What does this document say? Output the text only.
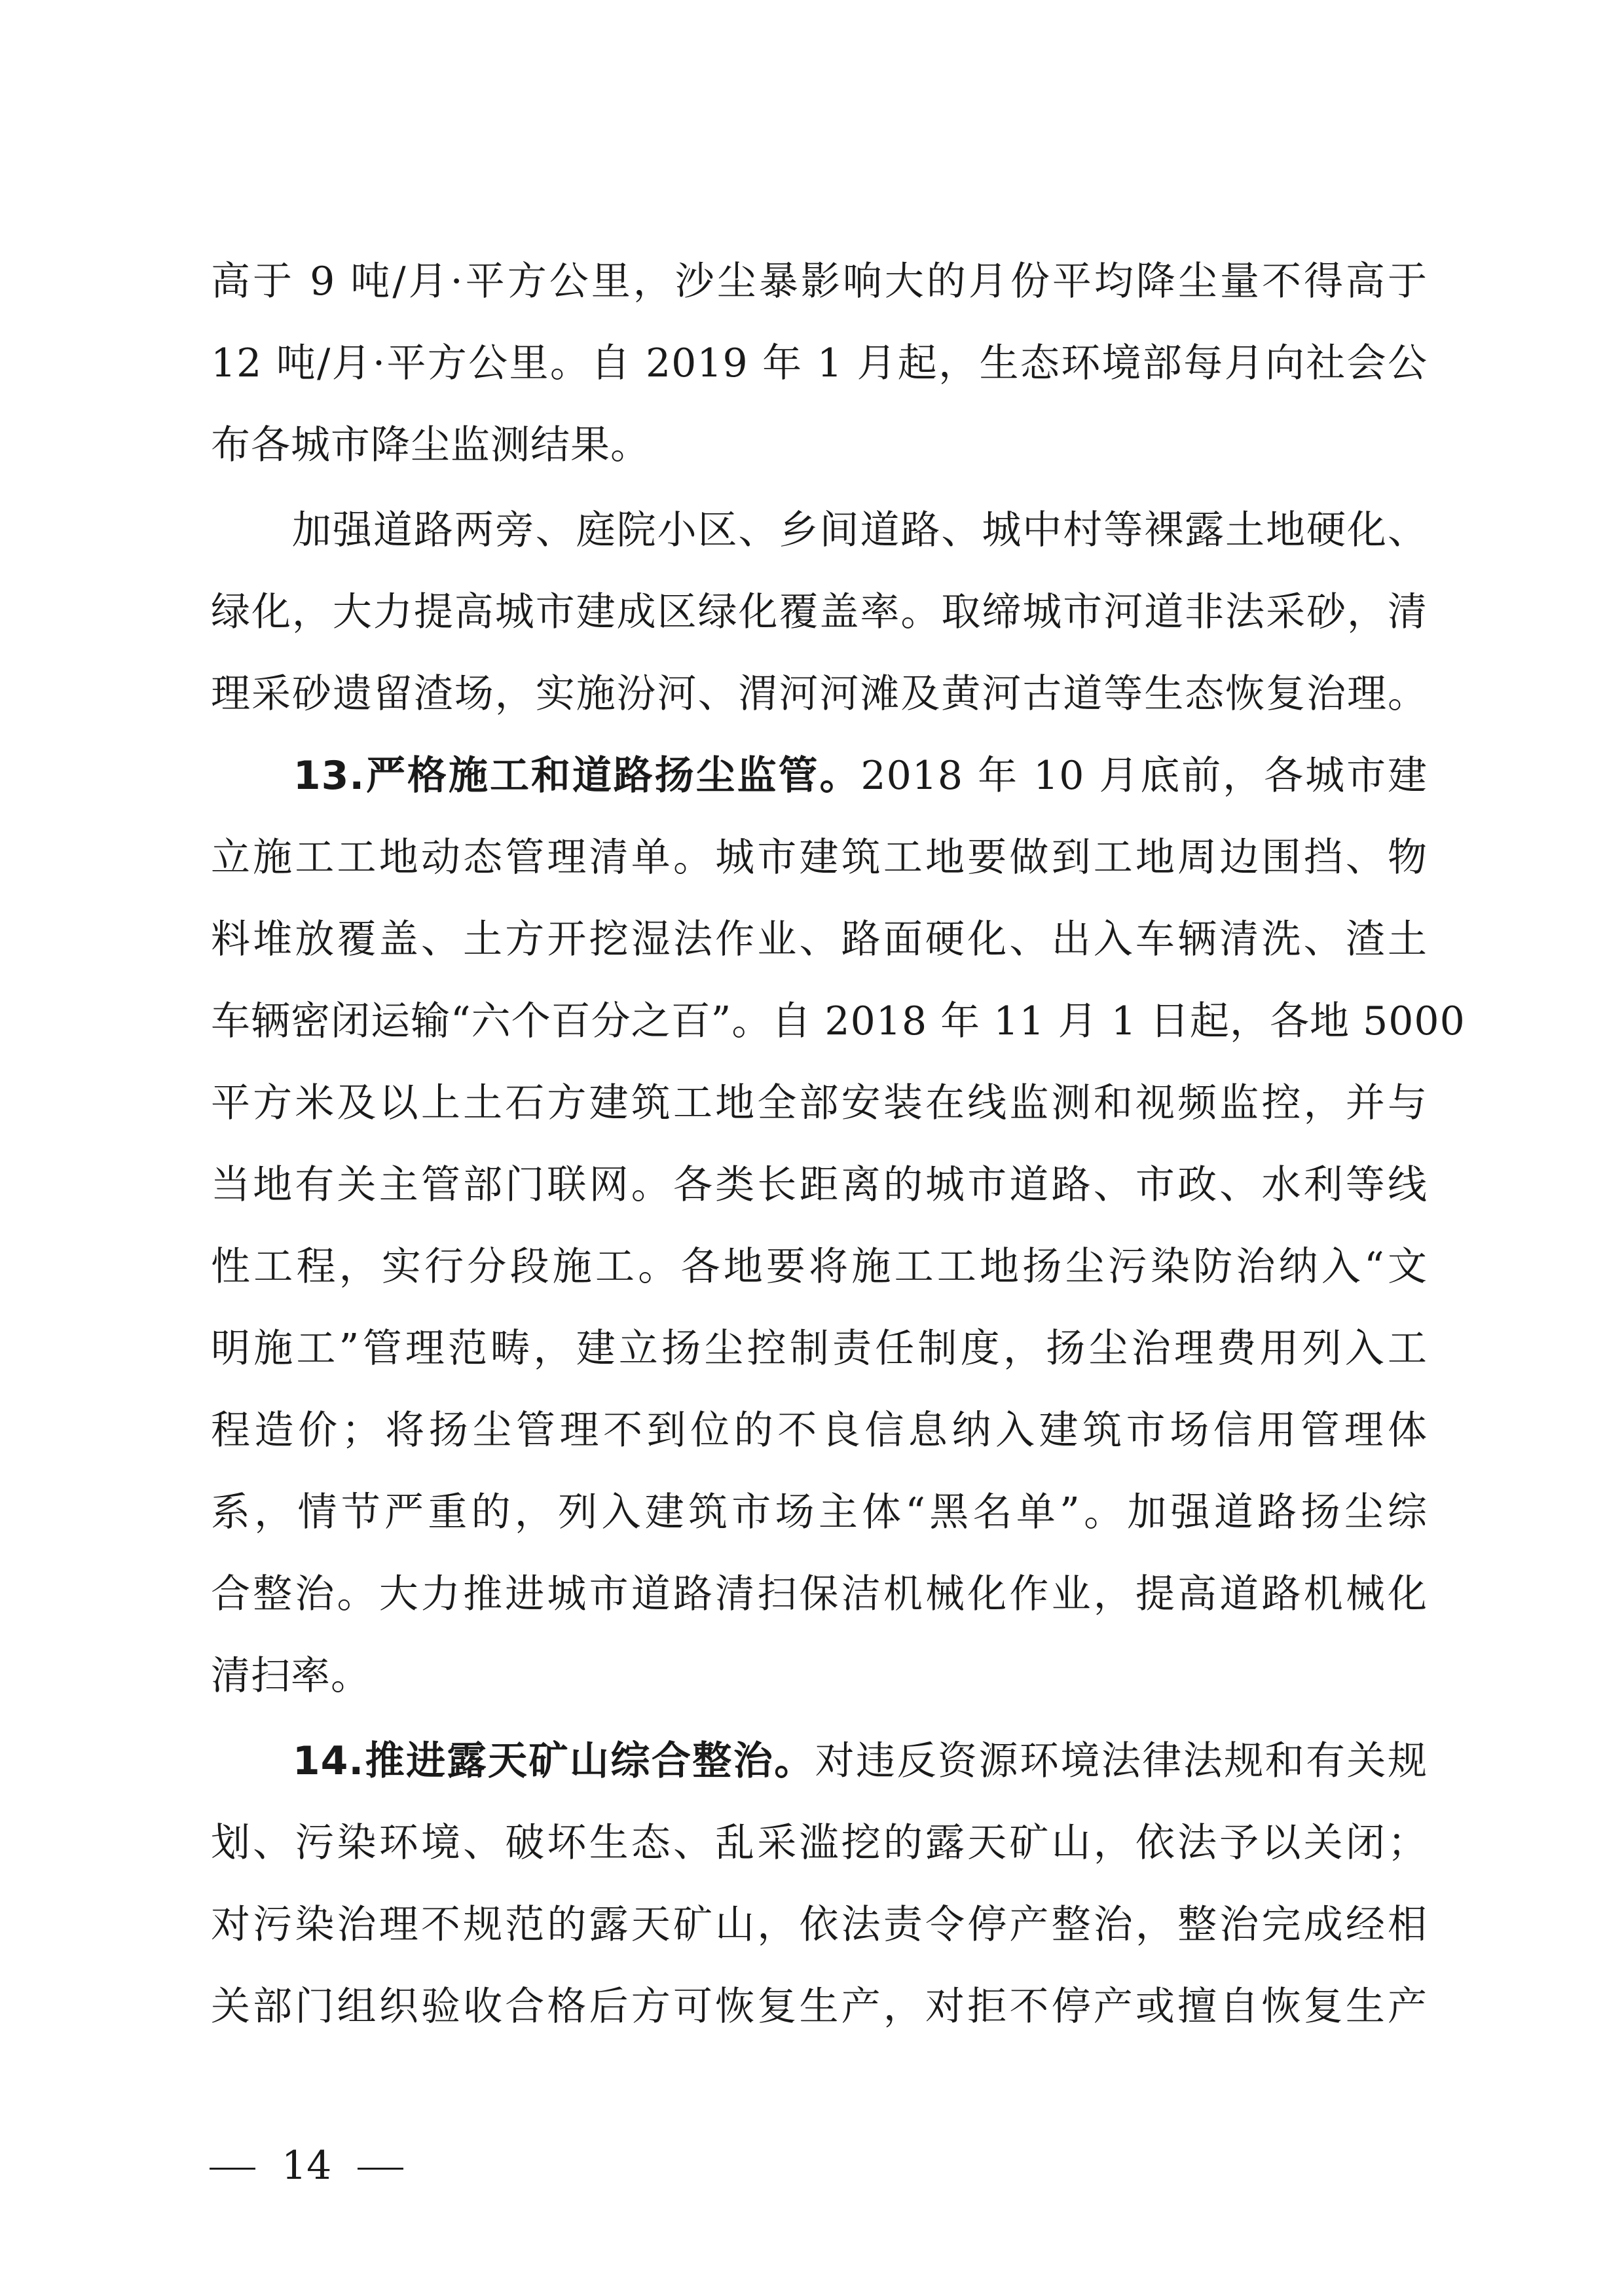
高于 9 吨/月·平方公里，沙尘暴影响大的月份平均降尘量不得高于
12 吨/月·平方公里。自 2019 年 1 月起，生态环境部每月向社会公
布各城市降尘监测结果。
　　加强道路两旁、庭院小区、乡间道路、城中村等裸露土地硬化、
绿化，大力提高城市建成区绿化覆盖率。取缔城市河道非法采砂，清
理采砂遗留渣场，实施汾河、渭河河滩及黄河古道等生态恢复治理。
　　13.严格施工和道路扬尘监管。2018 年 10 月底前，各城市建
立施工工地动态管理清单。城市建筑工地要做到工地周边围挡、物
料堆放覆盖、土方开挖湿法作业、路面硬化、出入车辆清洗、渣土
车辆密闭运输“六个百分之百”。自 2018 年 11 月 1 日起，各地 5000
平方米及以上土石方建筑工地全部安装在线监测和视频监控，并与
当地有关主管部门联网。各类长距离的城市道路、市政、水利等线
性工程，实行分段施工。各地要将施工工地扬尘污染防治纳入“文
明施工”管理范畴，建立扬尘控制责任制度，扬尘治理费用列入工
程造价；将扬尘管理不到位的不良信息纳入建筑市场信用管理体
系，情节严重的，列入建筑市场主体“黑名单”。加强道路扬尘综
合整治。大力推进城市道路清扫保洁机械化作业，提高道路机械化
清扫率。
　　14.推进露天矿山综合整治。对违反资源环境法律法规和有关规
划、污染环境、破坏生态、乱采滥挖的露天矿山，依法予以关闭；
对污染治理不规范的露天矿山，依法责令停产整治，整治完成经相
关部门组织验收合格后方可恢复生产，对拒不停产或擅自恢复生产
14
